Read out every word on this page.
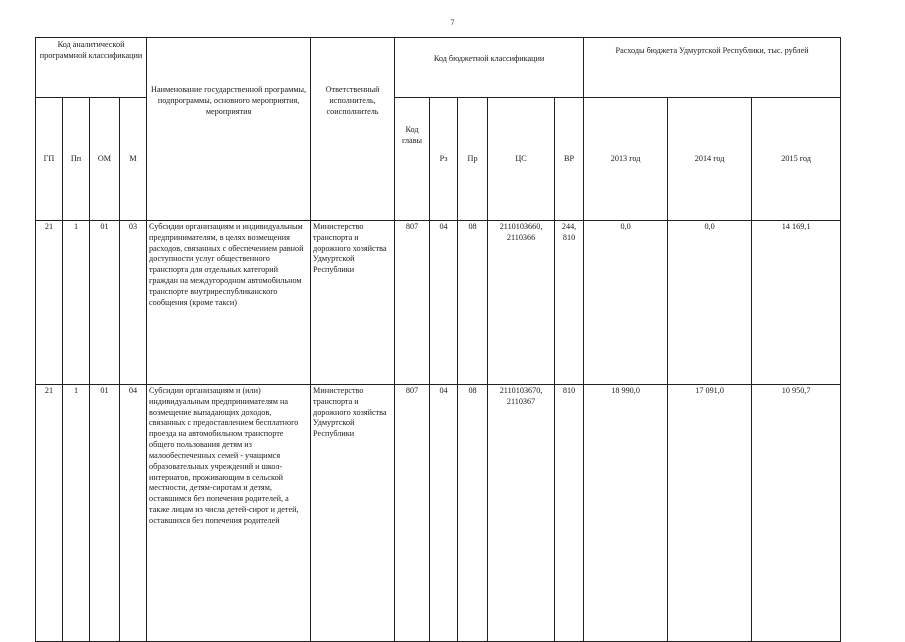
7
Код аналитической программной классификации				Наименование государственной программы, подпрограммы, основного мероприятия, мероприятия	Ответственный исполнитель, соисполнитель	Код бюджетной классификации					Расходы бюджета Удмуртской Республики, тыс. рублей		
ГП	Пп	ОМ	М			Код главы	Рз	Пр	ЦС	ВР	2013 год	2014 год	2015 год
21	1	01	03	Субсидии организациям и индивидуальным предпринимателям, в целях возмещения расходов, связанных с обеспечением равной доступности услуг общественного транспорта для отдельных категорий граждан на междугородном автомобильном транспорте внутриреспубликанского сообщения (кроме такси)	Министерство транспорта и дорожного хозяйства Удмуртской Республики	807	04	08	2110103660, 2110366	244, 810	0,0	0,0	14 169,1
21	1	01	04	Субсидии организациям и (или) индивидуальным предпринимателям на возмещение выпадающих доходов, связанных с предоставлением бесплатного проезда на автомобильном транспорте общего пользования детям из малообеспеченных семей - учащимся образовательных учреждений и школ-интернатов, проживающим в сельской местности, детям-сиротам и детям, оставшимся без попечения родителей, а также лицам из числа детей-сирот и детей, оставшихся без попечения родителей	Министерство транспорта и дорожного хозяйства Удмуртской Республики	807	04	08	2110103670, 2110367	810	18 990,0	17 091,0	10 950,7
